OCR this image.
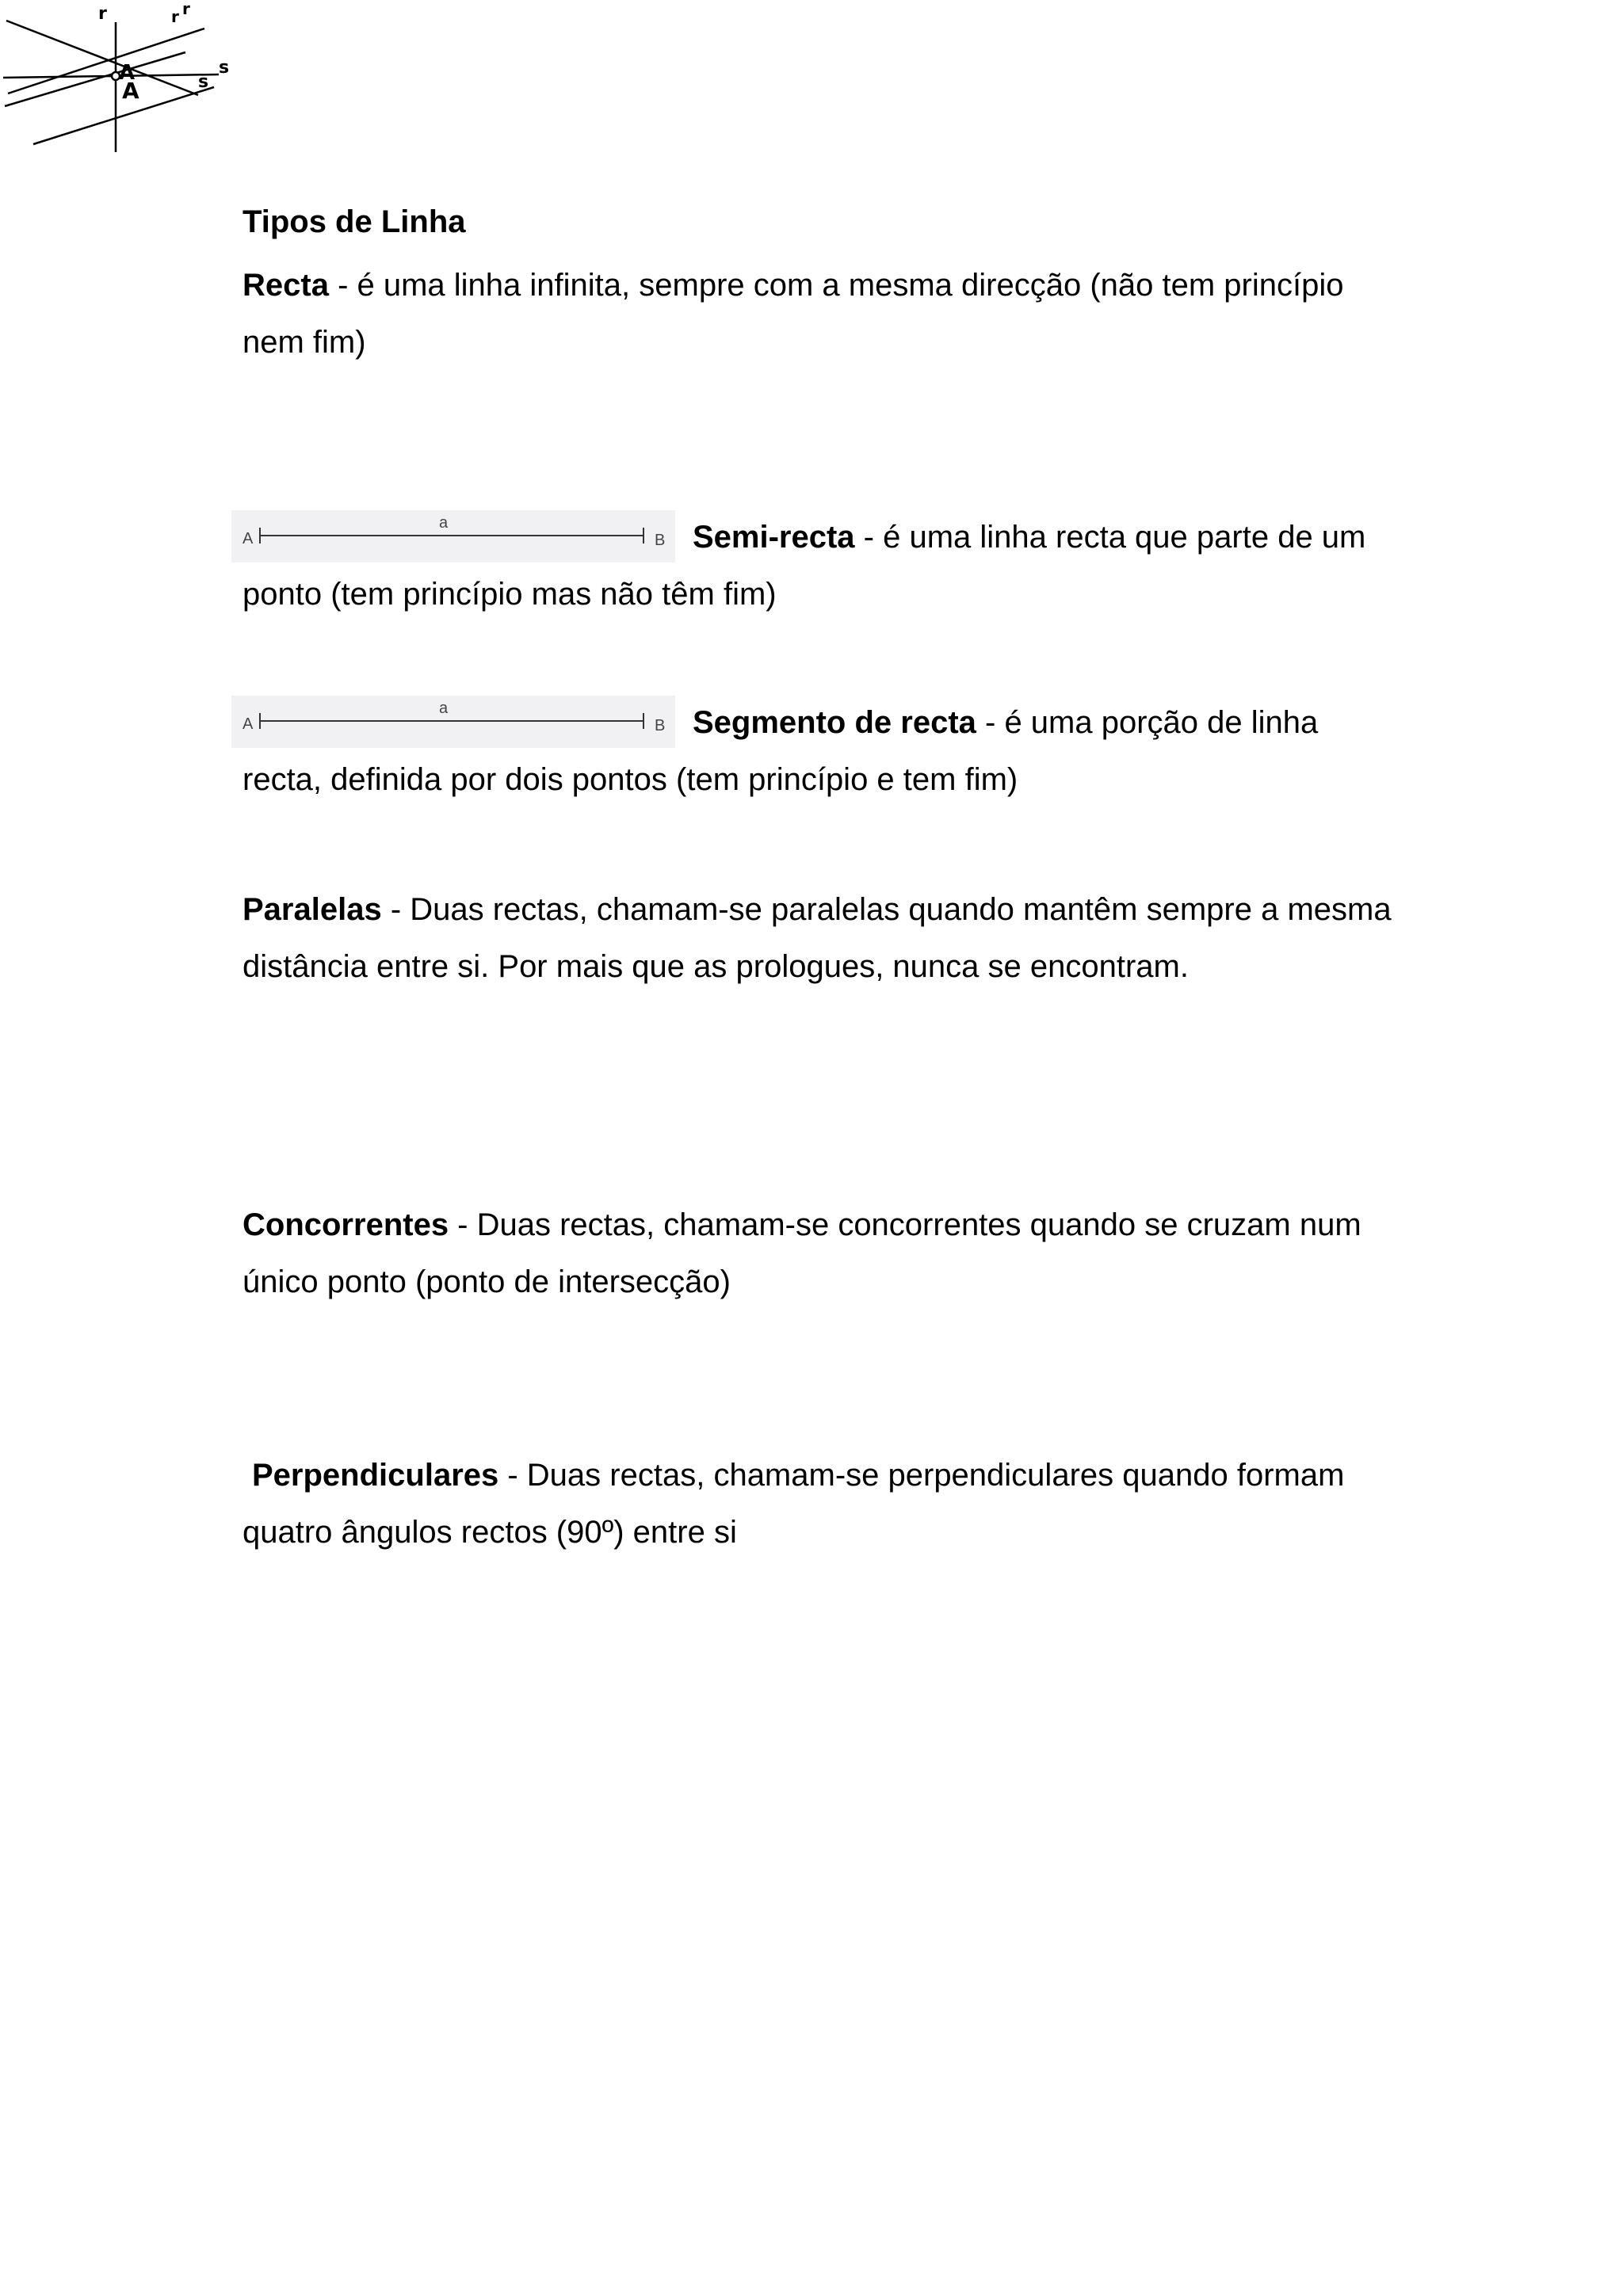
r	r r
A
A	s
s

Tipos de Linha

Recta - é uma linha infinita, sempre com a mesma direcção (não tem princípio nem fim)

A
a
B Semi-recta - é uma linha recta que parte de um ponto (tem princípio mas não têm fim)
A
a
B Segmento de recta - é uma porção de linha recta, definida por dois pontos (tem princípio e tem fim)

Paralelas - Duas rectas, chamam-se paralelas quando mantêm sempre a mesma distância entre si. Por mais que as prologues, nunca se encontram.

Concorrentes - Duas rectas, chamam-se concorrentes quando se cruzam num único ponto (ponto de intersecção)

Perpendiculares - Duas rectas, chamam-se perpendiculares quando formam quatro ângulos rectos (90º) entre si
